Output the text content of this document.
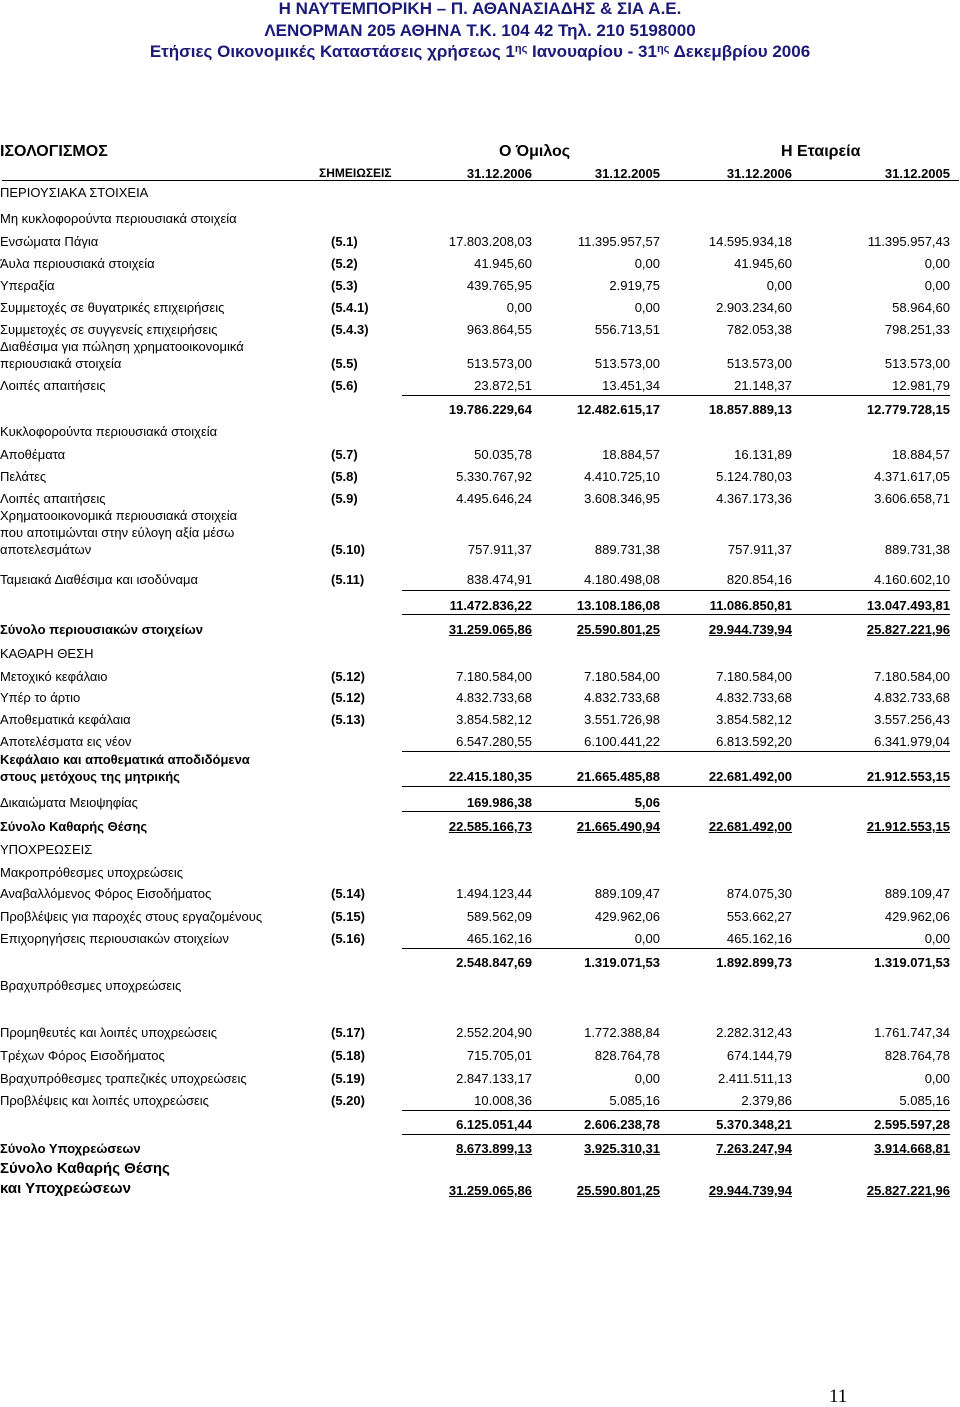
Η ΝΑΥΤΕΜΠΟΡΙΚΗ – Π. ΑΘΑΝΑΣΙΑΔΗΣ & ΣΙΑ Α.Ε.
ΛΕΝΟΡΜΑΝ 205 ΑΘΗΝΑ Τ.Κ. 104 42 Τηλ. 210 5198000
Ετήσιες Οικονομικές Καταστάσεις χρήσεως $1^{\eta\varsigma}$ Ιανουαρίου - $31^{\eta\varsigma}$ Δεκεμβρίου 2006
ΙΣΟΛΟΓΙΣΜΟΣ	Ο Όμιλος	Η Εταιρεία
ΣΗΜΕΙΩΣΕΙΣ	31.12.2006	31.12.2005	31.12.2006	31.12.2005
ΠΕΡΙΟΥΣΙΑΚΑ ΣΤΟΙΧΕΙΑ
Μη κυκλοφορούντα περιουσιακά στοιχεία
Ενσώματα Πάγια	(5.1)	17.803.208,03	11.395.957,57	14.595.934,18	11.395.957,43
Άυλα περιουσιακά στοιχεία	(5.2)	41.945,60	0,00	41.945,60	0,00
Υπεραξία	(5.3)	439.765,95	2.919,75	0,00	0,00
Συμμετοχές σε θυγατρικές επιχειρήσεις	(5.4.1)	0,00	0,00	2.903.234,60	58.964,60
Συμμετοχές σε συγγενείς επιχειρήσεις	(5.4.3)	963.864,55	556.713,51	782.053,38	798.251,33
Διαθέσιμα για πώληση χρηματοοικονομικά
περιουσιακά στοιχεία	(5.5)	513.573,00	513.573,00	513.573,00	513.573,00
Λοιπές απαιτήσεις	(5.6)	23.872,51	13.451,34	21.148,37	12.981,79
19.786.229,64	12.482.615,17	18.857.889,13	12.779.728,15
Κυκλοφορούντα περιουσιακά στοιχεία
Αποθέματα	(5.7)	50.035,78	18.884,57	16.131,89	18.884,57
Πελάτες	(5.8)	5.330.767,92	4.410.725,10	5.124.780,03	4.371.617,05
Λοιπές απαιτήσεις	(5.9)	4.495.646,24	3.608.346,95	4.367.173,36	3.606.658,71
Χρηματοοικονομικά περιουσιακά στοιχεία
που αποτιμώνται στην εύλογη αξία μέσω
αποτελεσμάτων	(5.10)	757.911,37	889.731,38	757.911,37	889.731,38
Ταμειακά Διαθέσιμα και ισοδύναμα	(5.11)	838.474,91	4.180.498,08	820.854,16	4.160.602,10
11.472.836,22	13.108.186,08	11.086.850,81	13.047.493,81
Σύνολο περιουσιακών στοιχείων	31.259.065,86	25.590.801,25	29.944.739,94	25.827.221,96
ΚΑΘΑΡΗ ΘΕΣΗ
Μετοχικό κεφάλαιο	(5.12)	7.180.584,00	7.180.584,00	7.180.584,00	7.180.584,00
Υπέρ το άρτιο	(5.12)	4.832.733,68	4.832.733,68	4.832.733,68	4.832.733,68
Αποθεματικά κεφάλαια	(5.13)	3.854.582,12	3.551.726,98	3.854.582,12	3.557.256,43
Αποτελέσματα εις νέον	6.547.280,55	6.100.441,22	6.813.592,20	6.341.979,04
Κεφάλαιο και αποθεματικά αποδιδόμενα
στους μετόχους της μητρικής	22.415.180,35	21.665.485,88	22.681.492,00	21.912.553,15
Δικαιώματα Μειοψηφίας	169.986,38	5,06
Σύνολο Καθαρής Θέσης	22.585.166,73	21.665.490,94	22.681.492,00	21.912.553,15
ΥΠΟΧΡΕΩΣΕΙΣ
Μακροπρόθεσμες υποχρεώσεις
Αναβαλλόμενος Φόρος Εισοδήματος	(5.14)	1.494.123,44	889.109,47	874.075,30	889.109,47
Προβλέψεις για παροχές στους εργαζομένους	(5.15)	589.562,09	429.962,06	553.662,27	429.962,06
Επιχορηγήσεις περιουσιακών στοιχείων	(5.16)	465.162,16	0,00	465.162,16	0,00
2.548.847,69	1.319.071,53	1.892.899,73	1.319.071,53
Βραχυπρόθεσμες υποχρεώσεις
Προμηθευτές και λοιπές υποχρεώσεις	(5.17)	2.552.204,90	1.772.388,84	2.282.312,43	1.761.747,34
Τρέχων Φόρος Εισοδήματος	(5.18)	715.705,01	828.764,78	674.144,79	828.764,78
Βραχυπρόθεσμες τραπεζικές υποχρεώσεις	(5.19)	2.847.133,17	0,00	2.411.511,13	0,00
Προβλέψεις και λοιπές υποχρεώσεις	(5.20)	10.008,36	5.085,16	2.379,86	5.085,16
6.125.051,44	2.606.238,78	5.370.348,21	2.595.597,28
Σύνολο Υποχρεώσεων	8.673.899,13	3.925.310,31	7.263.247,94	3.914.668,81
Σύνολο Καθαρής Θέσης
και Υποχρεώσεων	31.259.065,86	25.590.801,25	29.944.739,94	25.827.221,96
11
